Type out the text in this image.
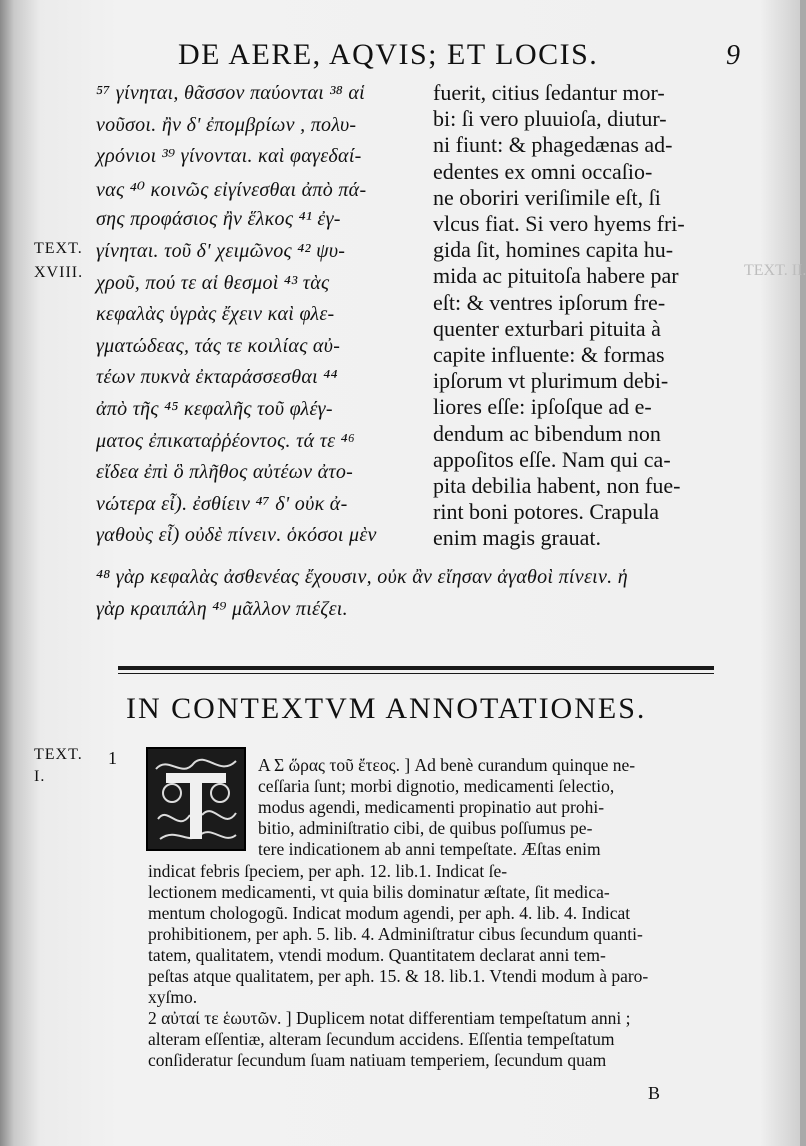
DE AERE, AQVIS; ET LOCIS.	9
TEXT.
XVIII.	TEXT. II.
⁵⁷ γίνηται, θᾶσσον παύονται ³⁸ αἱ
νοῦσοι. ἢν δ' ἐπομβρίων , πολυ-
χρόνιοι ³⁹ γίνονται. καὶ φαγεδαί-
νας ⁴⁰ κοινῶς εἰγίνεσθαι ἀπὸ πά-
σης προφάσιος ἢν ἕλκος ⁴¹ ἐγ-
γίνηται. τοῦ δ' χειμῶνος ⁴² ψυ-
χροῦ, πού τε αἱ θεσμοὶ ⁴³ τὰς
κεφαλὰς ὑγρὰς ἔχειν καὶ φλε-
γματώδεας, τάς τε κοιλίας αὐ-
τέων πυκνὰ ἐκταράσσεσθαι ⁴⁴
ἀπὸ τῆς ⁴⁵ κεφαλῆς τοῦ φλέγ-
ματος ἐπικαταῤῥέοντος. τά τε ⁴⁶
εἴδεα ἐπὶ ὃ πλῆθος αὐτέων ἀτο-
νώτερα εἶ). ἐσθίειν ⁴⁷ δ' οὐκ ἀ-
γαθοὺς εἶ) οὐδὲ πίνειν. ὁκόσοι μὲν
fuerit, citius ſedantur mor-
bi: ſi vero pluuioſa, diutur-
ni fiunt: & phagedænas ad-
edentes ex omni occaſio-
ne oboriri veriſimile eſt, ſi
vlcus fiat. Si vero hyems fri-
gida ſit, homines capita hu-
mida ac pituitoſa habere par
eſt: & ventres ipſorum fre-
quenter exturbari pituita à
capite influente: & formas
ipſorum vt plurimum debi-
liores eſſe: ipſoſque ad e-
dendum ac bibendum non
appoſitos eſſe. Nam qui ca-
pita debilia habent, non fue-
rint boni potores. Crapula
enim magis grauat.
⁴⁸ γὰρ κεφαλὰς ἀσθενέας ἔχουσιν, οὐκ ἂν εἴησαν ἀγαθοὶ πίνειν. ἡ
γὰρ κραιπάλη ⁴⁹ μᾶλλον πιέζει.
IN CONTEXTVM ANNOTATIONES.
TEXT.
I.
1	A Σ ὥρας τοῦ ἔτεος. ] Ad benè curandum quinque ne-
ceſſaria ſunt; morbi dignotio, medicamenti ſelectio,
modus agendi, medicamenti propinatio aut prohi-
bitio, adminiſtratio cibi, de quibus poſſumus pe-
tere indicationem ab anni tempeſtate. Æſtas enim
indicat febris ſpeciem, per aph. 12. lib.1. Indicat ſe-
lectionem medicamenti, vt quia bilis dominatur æſtate, ſit medica-
mentum chologogũ. Indicat modum agendi, per aph. 4. lib. 4. Indicat
prohibitionem, per aph. 5. lib. 4. Adminiſtratur cibus ſecundum quanti-
tatem, qualitatem, vtendi modum. Quantitatem declarat anni tem-
peſtas atque qualitatem, per aph. 15. & 18. lib.1. Vtendi modum à paro-
xyſmo.
2 αὐταί τε ἑωυτῶν. ] Duplicem notat differentiam tempeſtatum anni ;
alteram eſſentiæ, alteram ſecundum accidens. Eſſentia tempeſtatum
conſideratur ſecundum ſuam natiuam temperiem, ſecundum quam
B
